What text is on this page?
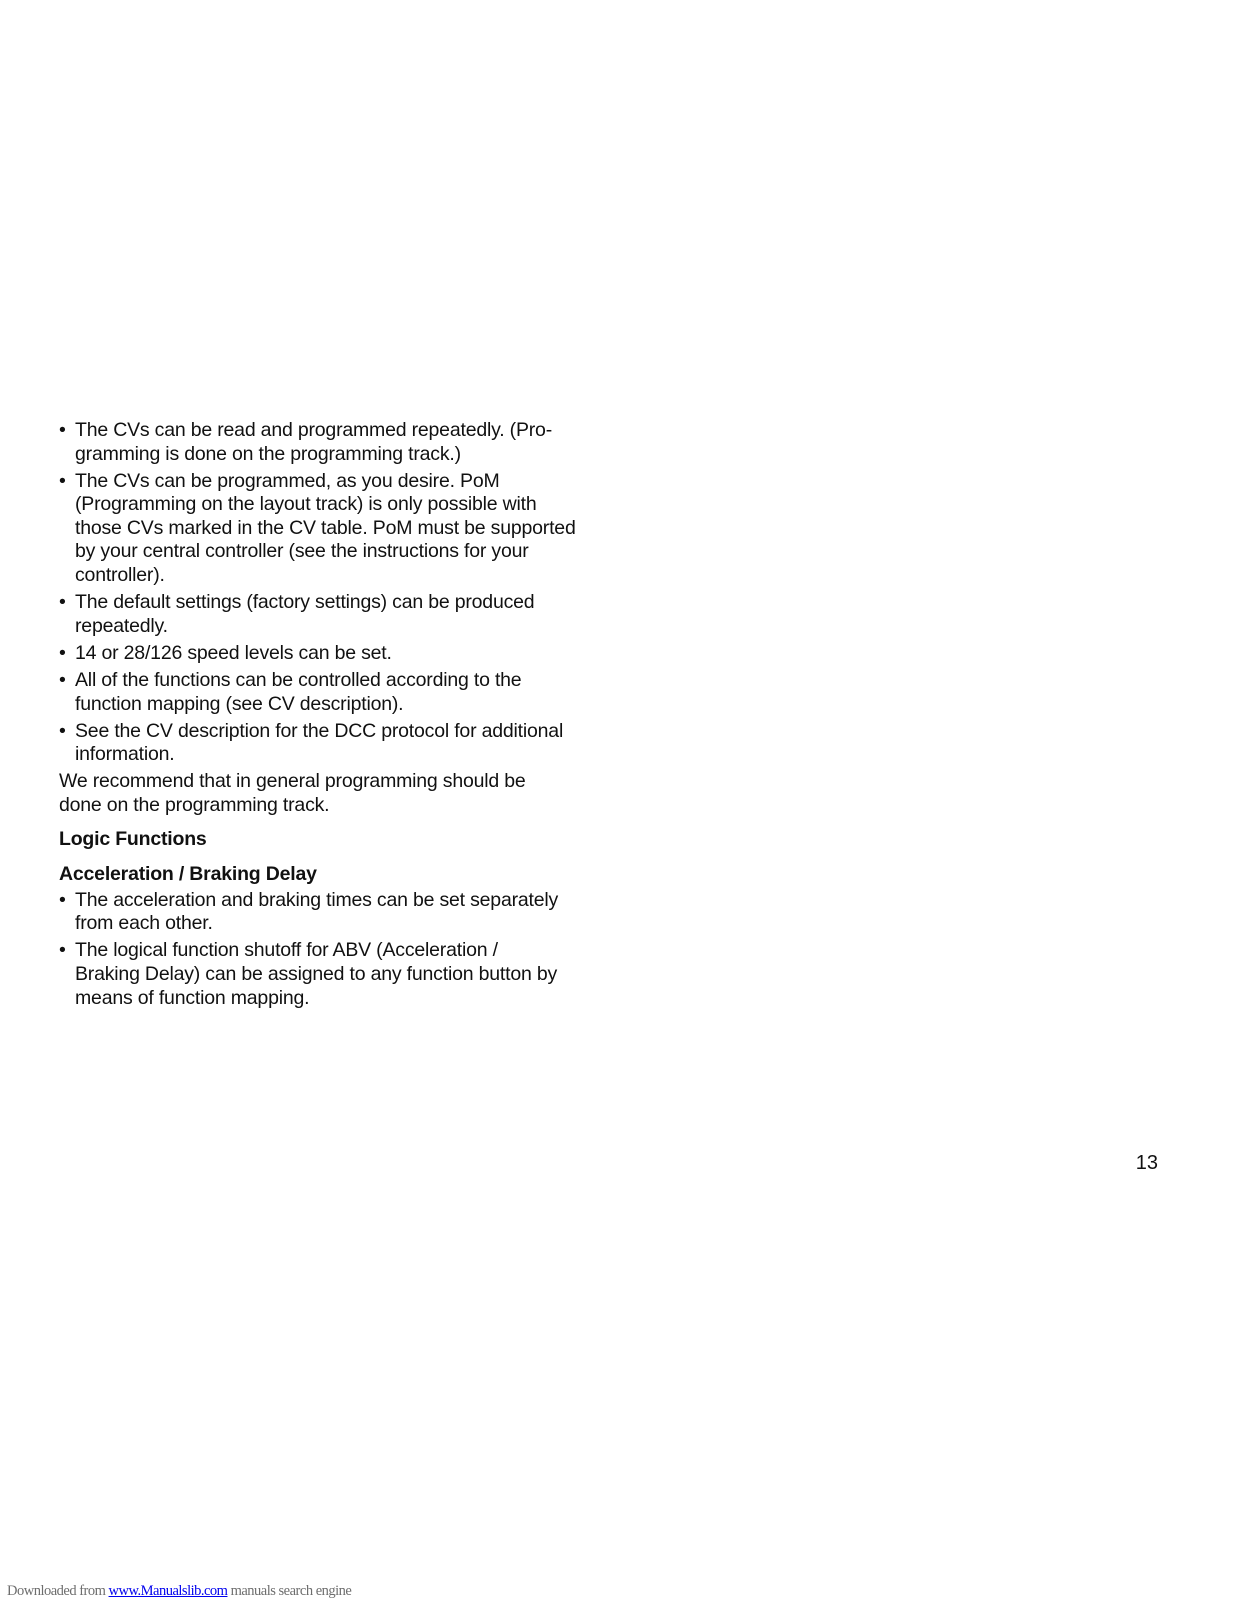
• The CVs can be read and programmed repeatedly. (Pro-
gramming is done on the programming track.)
• The CVs can be programmed, as you desire. PoM
(Programming on the layout track) is only possible with
those CVs marked in the CV table. PoM must be supported
by your central controller (see the instructions for your
controller).
• The default settings (factory settings) can be produced
repeatedly.
• 14 or 28/126 speed levels can be set.
• All of the functions can be controlled according to the
function mapping (see CV description).
• See the CV description for the DCC protocol for additional
information.

We recommend that in general programming should be
done on the programming track.

Logic Functions
Acceleration / Braking Delay
• The acceleration and braking times can be set separately
from each other.
• The logical function shutoff for ABV (Acceleration /
Braking Delay) can be assigned to any function button by
means of function mapping.
13
Downloaded from www.Manualslib.com manuals search engine
